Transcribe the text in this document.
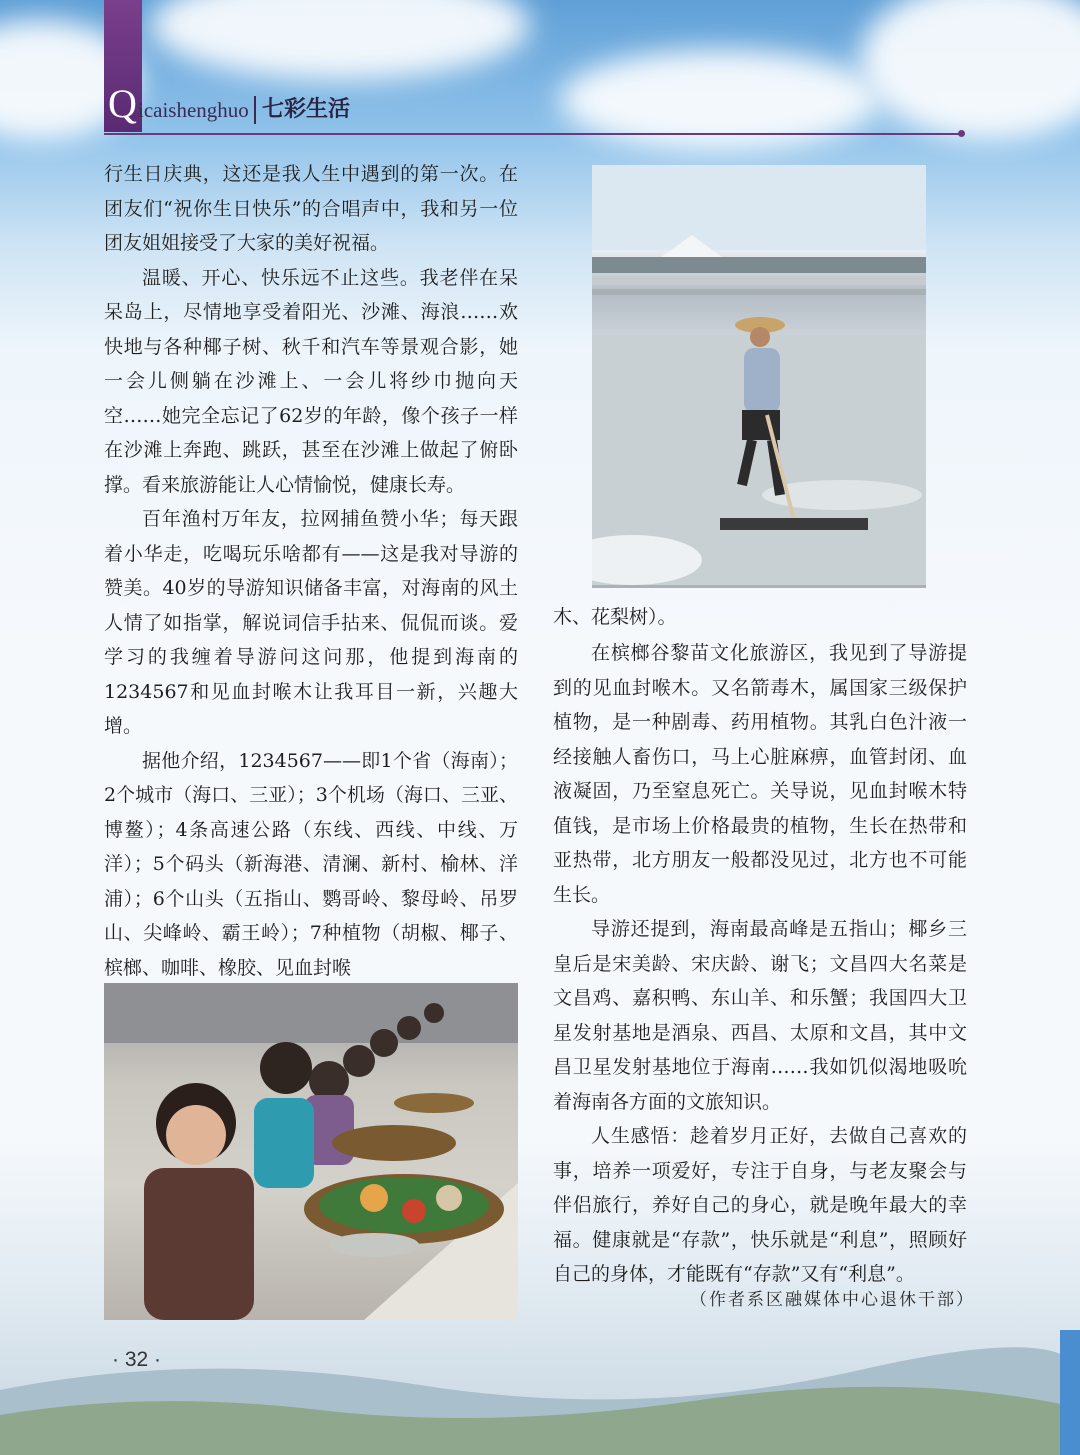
Q icaishenghuo 七彩生活

行生日庆典，这还是我人生中遇到的第一次。在团友们“祝你生日快乐”的合唱声中，我和另一位团友姐姐接受了大家的美好祝福。

温暖、开心、快乐远不止这些。我老伴在呆呆岛上，尽情地享受着阳光、沙滩、海浪……欢快地与各种椰子树、秋千和汽车等景观合影，她一会儿侧躺在沙滩上、一会儿将纱巾抛向天空……她完全忘记了62岁的年龄，像个孩子一样在沙滩上奔跑、跳跃，甚至在沙滩上做起了俯卧撑。看来旅游能让人心情愉悦，健康长寿。

百年渔村万年友，拉网捕鱼赞小华；每天跟着小华走，吃喝玩乐啥都有——这是我对导游的赞美。40岁的导游知识储备丰富，对海南的风土人情了如指掌，解说词信手拈来、侃侃而谈。爱学习的我缠着导游问这问那，他提到海南的1234567和见血封喉木让我耳目一新，兴趣大增。

据他介绍，1234567——即1个省（海南）；2个城市（海口、三亚）；3个机场（海口、三亚、博鳌）；4条高速公路（东线、西线、中线、万洋）；5个码头（新海港、清澜、新村、榆林、洋浦）；6个山头（五指山、鹦哥岭、黎母岭、吊罗山、尖峰岭、霸王岭）；7种植物（胡椒、椰子、槟榔、咖啡、橡胶、见血封喉

木、花梨树）。

在槟榔谷黎苗文化旅游区，我见到了导游提到的见血封喉木。又名箭毒木，属国家三级保护植物，是一种剧毒、药用植物。其乳白色汁液一经接触人畜伤口，马上心脏麻痹，血管封闭、血液凝固，乃至窒息死亡。关导说，见血封喉木特值钱，是市场上价格最贵的植物，生长在热带和亚热带，北方朋友一般都没见过，北方也不可能生长。

导游还提到，海南最高峰是五指山；椰乡三皇后是宋美龄、宋庆龄、谢飞；文昌四大名菜是文昌鸡、嘉积鸭、东山羊、和乐蟹；我国四大卫星发射基地是酒泉、西昌、太原和文昌，其中文昌卫星发射基地位于海南……我如饥似渴地吸吮着海南各方面的文旅知识。

人生感悟：趁着岁月正好，去做自己喜欢的事，培养一项爱好，专注于自身，与老友聚会与伴侣旅行，养好自己的身心，就是晚年最大的幸福。健康就是“存款”，快乐就是“利息”，照顾好自己的身体，才能既有“存款”又有“利息”。

（作者系区融媒体中心退休干部）
· 32 ·
